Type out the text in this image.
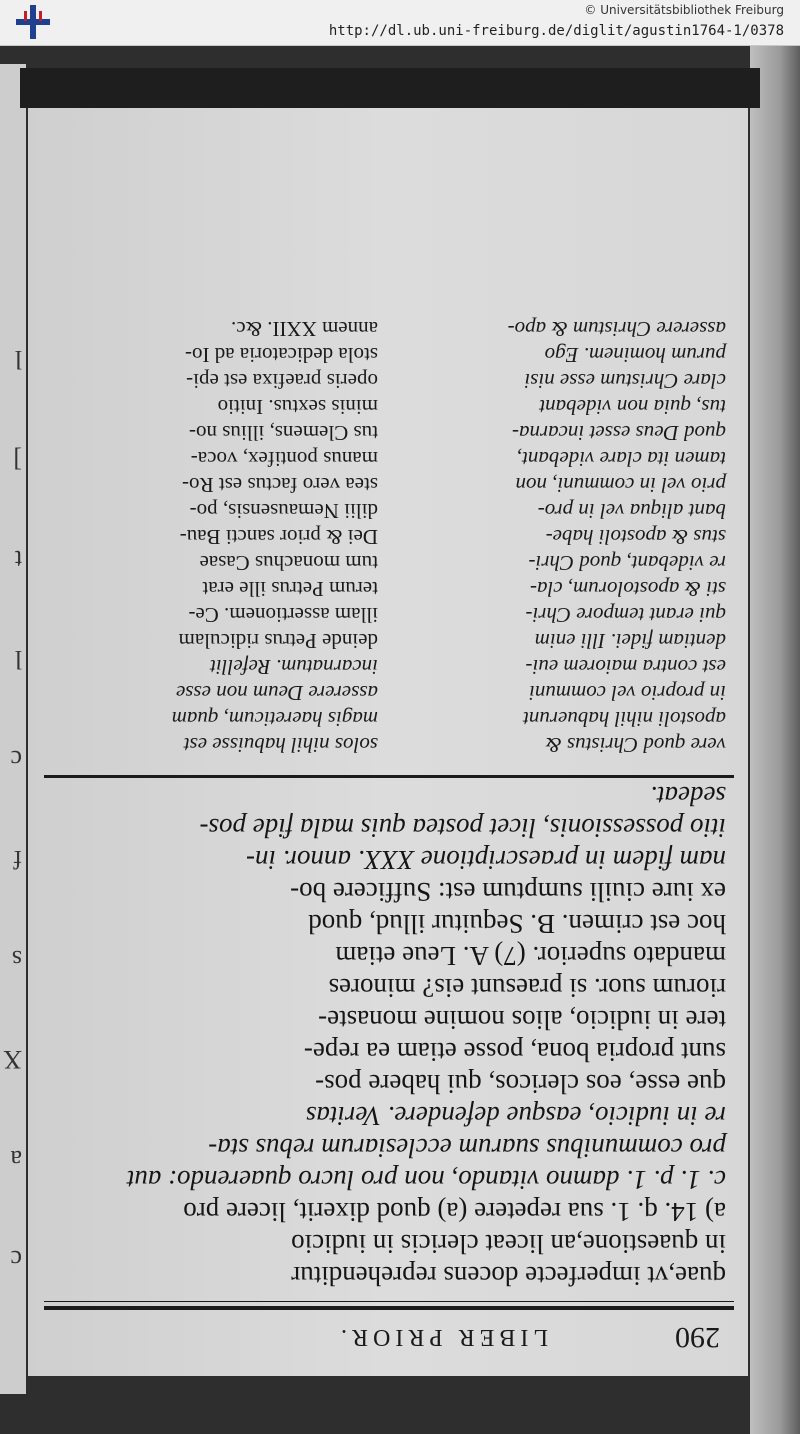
c
a
X
s
f
c
l
t
]
l
290
LIBER PRIOR.
quae,vt imperfecte docens reprehenditur
in quaestione,an liceat clericis in iudicio
a) 14. q. 1. sua repetere (a) quod dixerit, licere pro
c. 1. p. 1. damno vitando, non pro lucro quaerendo: aut
pro communibus suarum ecclesiarum rebus sta-
re in iudicio, easque defendere. Veritas
que esse, eos clericos, qui habere pos-
sunt propria bona, posse etiam ea repe-
tere in iudicio, alios nomine monaste-
riorum suor. si praesunt eis? minores
mandato superior. (7) A. Leue etiam
hoc est crimen. B. Sequitur illud, quod
ex iure ciuili sumptum est: Sufficere bo-
nam fidem in praescriptione XXX. annor. in-
itio possessionis, licet postea quis mala fide pos-
sedeat.
vere quod Christus &
apostoli nihil habuerunt
in proprio vel communi
est contra maiorem eui-
dentiam fidei. Illi enim
qui erant tempore Chri-
sti & apostolorum, cla-
re videbant, quod Chri-
stus & apostoli habe-
bant aliqua vel in pro-
prio vel in communi, non
tamen ita clare videbant,
quod Deus esset incarna-
tus, quia non videbant
clare Christum esse nisi
purum hominem. Ego
asserere Christum & apo-
solos nihil habuisse est
magis haereticum, quam
asserere Deum non esse
incarnatum. Refellit
deinde Petrus ridiculam
illam assertionem. Ce-
terum Petrus ille erat
tum monachus Casae
Dei & prior sancti Bau-
dilii Nemausensis, po-
stea vero factus est Ro-
manus pontifex, voca-
tus Clemens, illius no-
minis sextus. Initio
operis praefixa est epi-
stola dedicatoria ad Io-
annem XXII. &c.
© Universitätsbibliothek Freiburg
http://dl.ub.uni-freiburg.de/diglit/agustin1764-1/0378
